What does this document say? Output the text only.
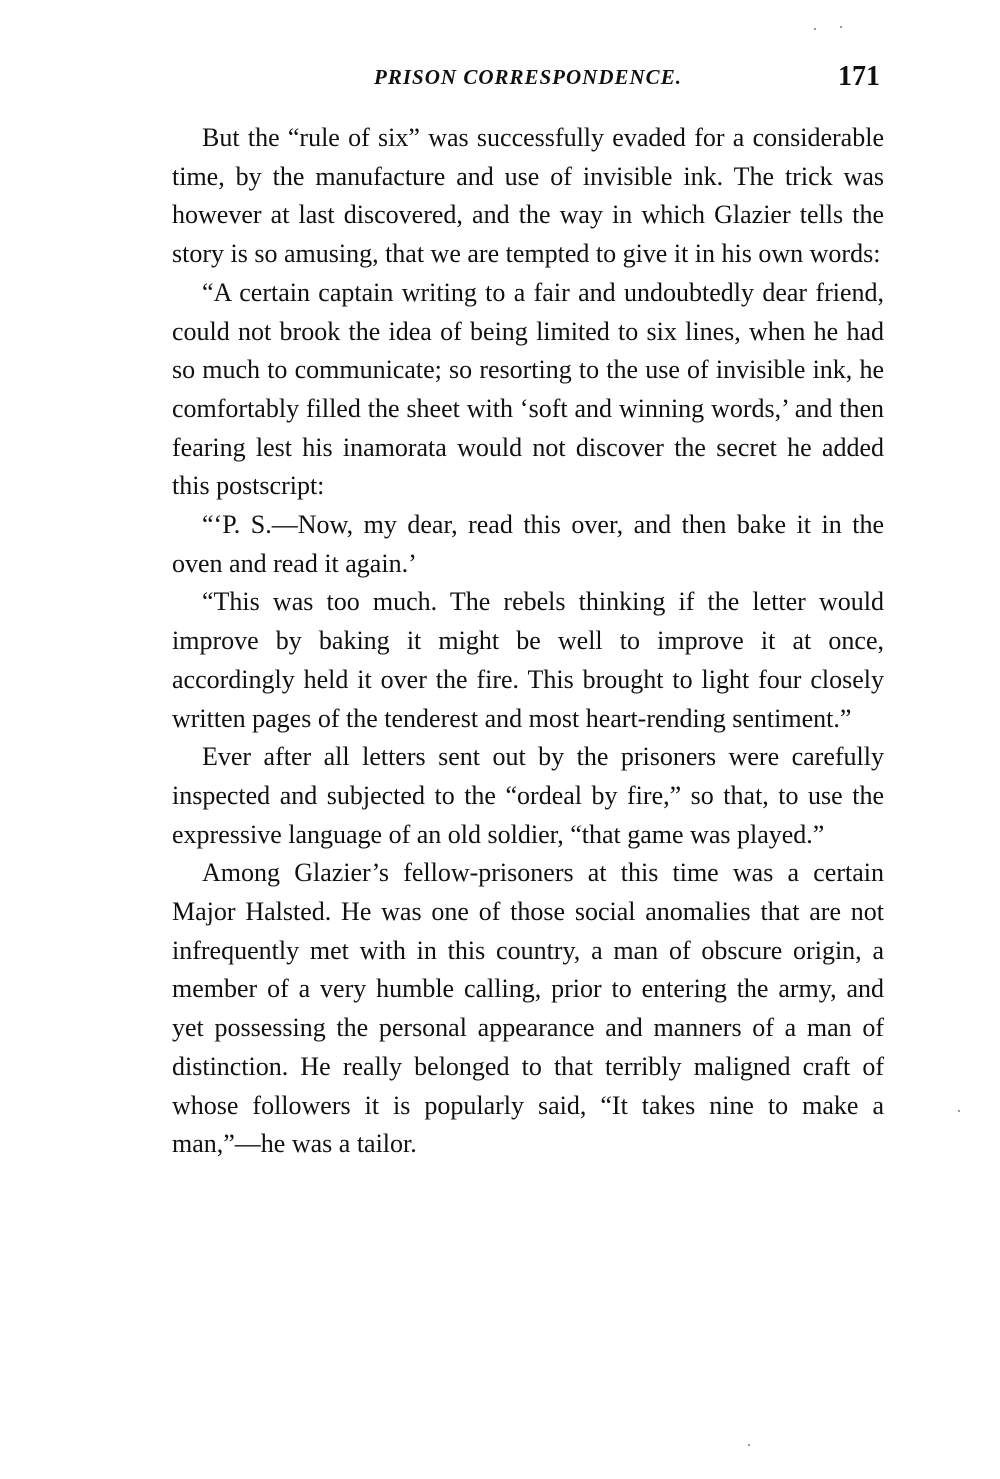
PRISON CORRESPONDENCE.	171

But the “rule of six” was successfully evaded for a considerable time, by the manufacture and use of invisible ink. The trick was however at last discovered, and the way in which Glazier tells the story is so amusing, that we are tempted to give it in his own words:

“A certain captain writing to a fair and undoubtedly dear friend, could not brook the idea of being limited to six lines, when he had so much to communicate; so resorting to the use of invisible ink, he comfortably filled the sheet with ‘soft and winning words,’ and then fearing lest his inamorata would not discover the secret he added this postscript:

“‘P. S.—Now, my dear, read this over, and then bake it in the oven and read it again.’

“This was too much. The rebels thinking if the letter would improve by baking it might be well to improve it at once, accordingly held it over the fire. This brought to light four closely written pages of the tenderest and most heart-rending sentiment.”

Ever after all letters sent out by the prisoners were carefully inspected and subjected to the “ordeal by fire,” so that, to use the expressive language of an old soldier, “that game was played.”

Among Glazier’s fellow-prisoners at this time was a certain Major Halsted. He was one of those social anomalies that are not infrequently met with in this country, a man of obscure origin, a member of a very humble calling, prior to entering the army, and yet possessing the personal appearance and manners of a man of distinction. He really belonged to that terribly maligned craft of whose followers it is popularly said, “It takes nine to make a man,”—he was a tailor.
